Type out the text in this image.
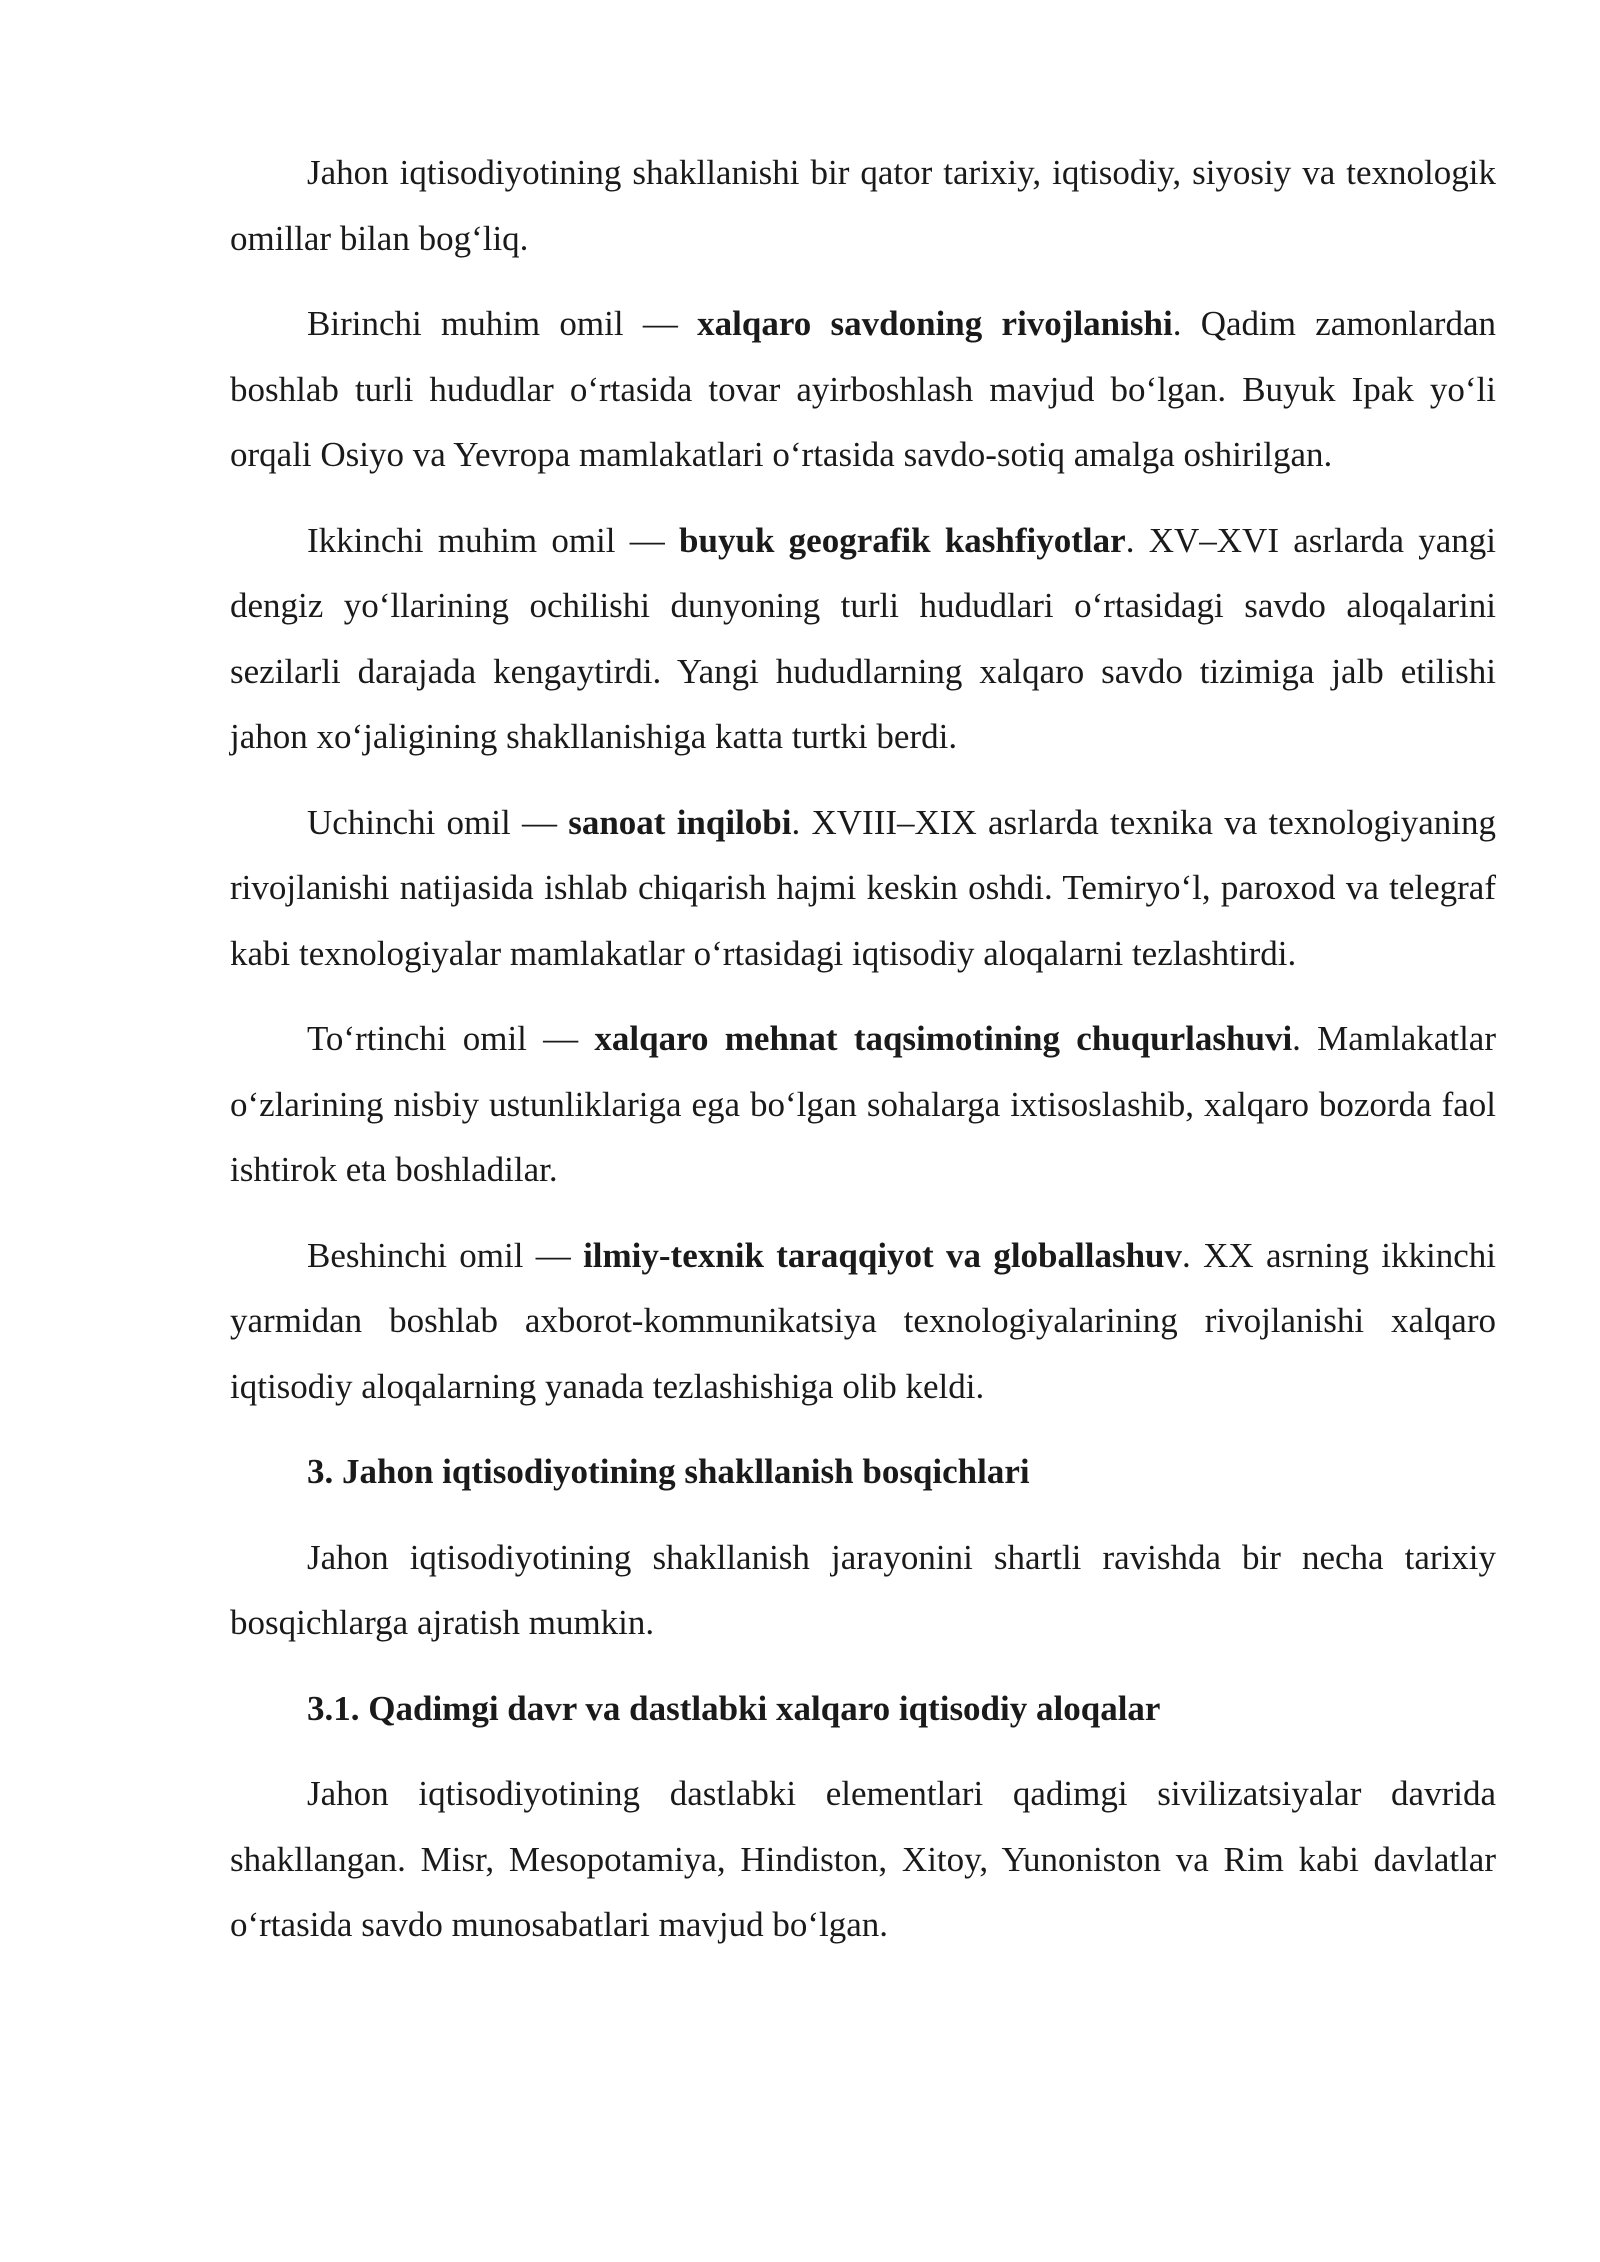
Jahon iqtisodiyotining shakllanishi bir qator tarixiy, iqtisodiy, siyosiy va texnologik omillar bilan bog‘liq.

Birinchi muhim omil — xalqaro savdoning rivojlanishi. Qadim zamonlardan boshlab turli hududlar o‘rtasida tovar ayirboshlash mavjud bo‘lgan. Buyuk Ipak yo‘li orqali Osiyo va Yevropa mamlakatlari o‘rtasida savdo-sotiq amalga oshirilgan.

Ikkinchi muhim omil — buyuk geografik kashfiyotlar. XV–XVI asrlarda yangi dengiz yo‘llarining ochilishi dunyoning turli hududlari o‘rtasidagi savdo aloqalarini sezilarli darajada kengaytirdi. Yangi hududlarning xalqaro savdo tizimiga jalb etilishi jahon xo‘jaligining shakllanishiga katta turtki berdi.

Uchinchi omil — sanoat inqilobi. XVIII–XIX asrlarda texnika va texnologiyaning rivojlanishi natijasida ishlab chiqarish hajmi keskin oshdi. Temiryo‘l, paroxod va telegraf kabi texnologiyalar mamlakatlar o‘rtasidagi iqtisodiy aloqalarni tezlashtirdi.

To‘rtinchi omil — xalqaro mehnat taqsimotining chuqurlashuvi. Mamlakatlar o‘zlarining nisbiy ustunliklariga ega bo‘lgan sohalarga ixtisoslashib, xalqaro bozorda faol ishtirok eta boshladilar.

Beshinchi omil — ilmiy-texnik taraqqiyot va globallashuv. XX asrning ikkinchi yarmidan boshlab axborot-kommunikatsiya texnologiyalarining rivojlanishi xalqaro iqtisodiy aloqalarning yanada tezlashishiga olib keldi.

3. Jahon iqtisodiyotining shakllanish bosqichlari

Jahon iqtisodiyotining shakllanish jarayonini shartli ravishda bir necha tarixiy bosqichlarga ajratish mumkin.

3.1. Qadimgi davr va dastlabki xalqaro iqtisodiy aloqalar

Jahon iqtisodiyotining dastlabki elementlari qadimgi sivilizatsiyalar davrida shakllangan. Misr, Mesopotamiya, Hindiston, Xitoy, Yunoniston va Rim kabi davlatlar o‘rtasida savdo munosabatlari mavjud bo‘lgan.
